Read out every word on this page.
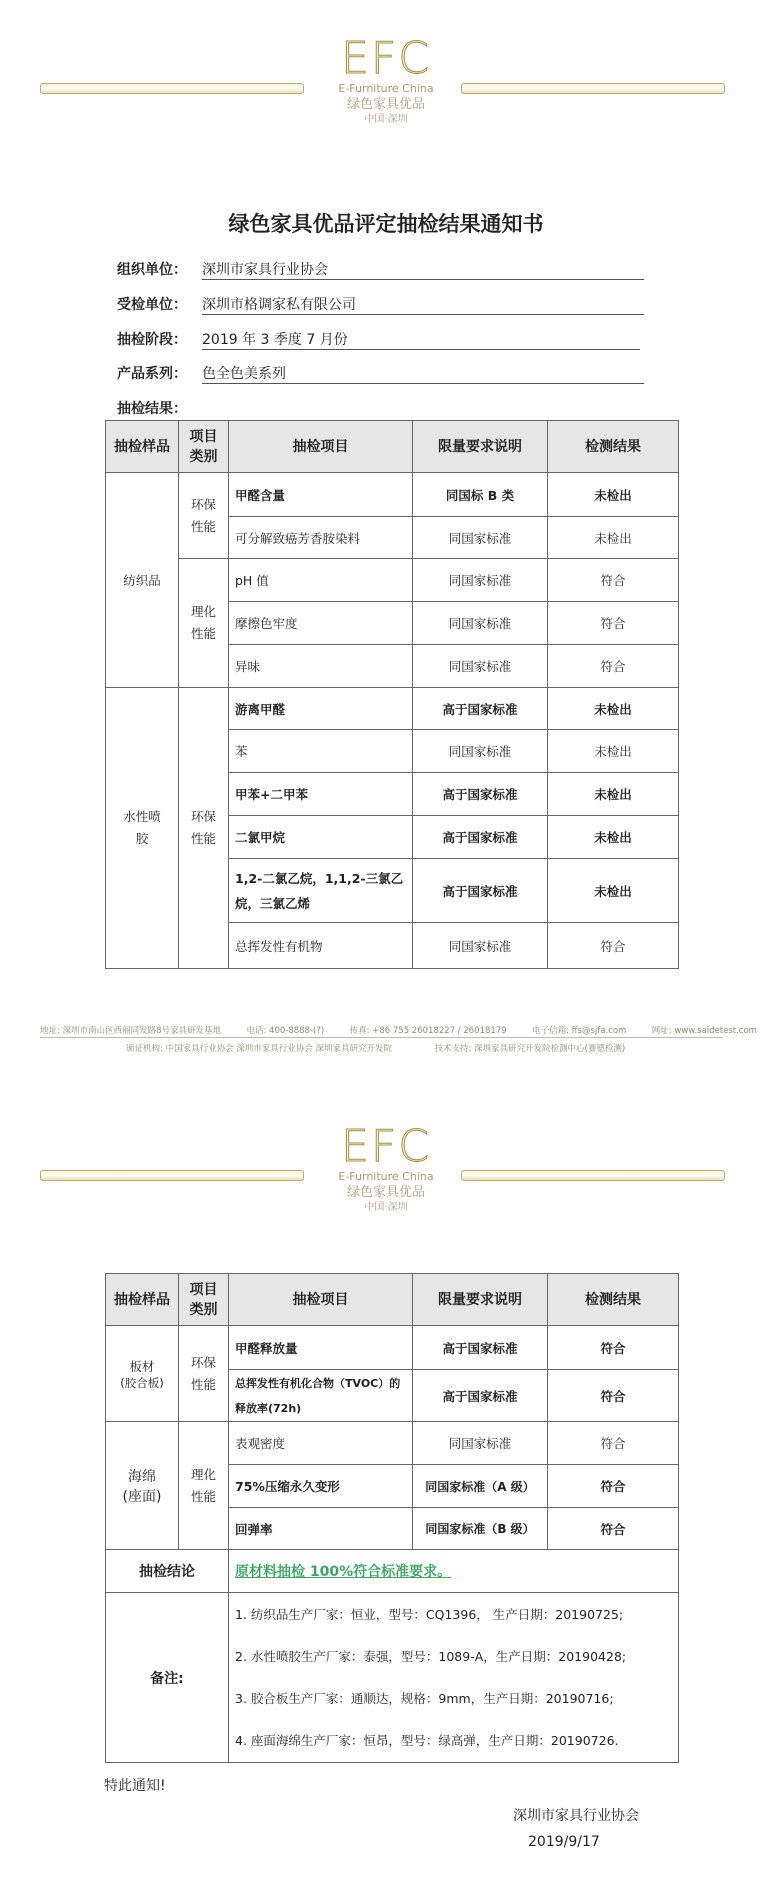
EFC
E-Furniture China
绿色家具优品
中国·深圳
绿色家具优品评定抽检结果通知书
组织单位： 深圳市家具行业协会
受检单位： 深圳市格调家私有限公司
抽检阶段： 2019 年 3 季度 7 月份
产品系列： 色全色美系列
抽检结果：
抽检样品	项目类别	抽检项目	限量要求说明	检测结果
纺织品	环保性能	甲醛含量	同国标 B 类	未检出
		可分解致癌芳香胺染料	同国家标准	未检出
	理化性能	pH 值	同国家标准	符合
		摩擦色牢度	同国家标准	符合
		异味	同国家标准	符合
水性喷胶	环保性能	游离甲醛	高于国家标准	未检出
		苯	同国家标准	未检出
		甲苯+二甲苯	高于国家标准	未检出
		二氯甲烷	高于国家标准	未检出
		1,2-二氯乙烷，1,1,2-三氯乙烷，三氯乙烯	高于国家标准	未检出
		总挥发性有机物	同国家标准	符合
地址: 深圳市南山区西丽同发路8号家具研发基地　　　电话: 400-8888-(?)　　　传真: +86 755 26018227 / 26018179　　　电子信箱: ffs@sjfa.com　　　网址: www.saidetest.com
颁证机构: 中国家具行业协会 深圳市家具行业协会 深圳家具研究开发院　　　　　技术支持: 深圳家具研究开发院检测中心(赛德检测)
EFC
E-Furniture China
绿色家具优品
中国·深圳
抽检样品	项目类别	抽检项目	限量要求说明	检测结果

板材
(胶合板)	环保性能	甲醛释放量	高于国家标准	符合
		总挥发性有机化合物（TVOC）的释放率(72h)	高于国家标准	符合

海绵
(座面)	理化性能	表观密度	同国家标准	符合
		75%压缩永久变形	同国家标准（A 级）	符合
		回弹率	同国家标准（B 级）	符合
抽检结论		原材料抽检 100%符合标准要求。		
备注:		1. 纺织品生产厂家：恒业，型号：CQ1396， 生产日期：20190725;
2. 水性喷胶生产厂家：泰强，型号：1089-A，生产日期：20190428;
3. 胶合板生产厂家：通顺达，规格：9mm，生产日期：20190716;
4. 座面海绵生产厂家：恒昂，型号：绿高弹，生产日期：20190726.		
特此通知!
深圳市家具行业协会
2019/9/17
